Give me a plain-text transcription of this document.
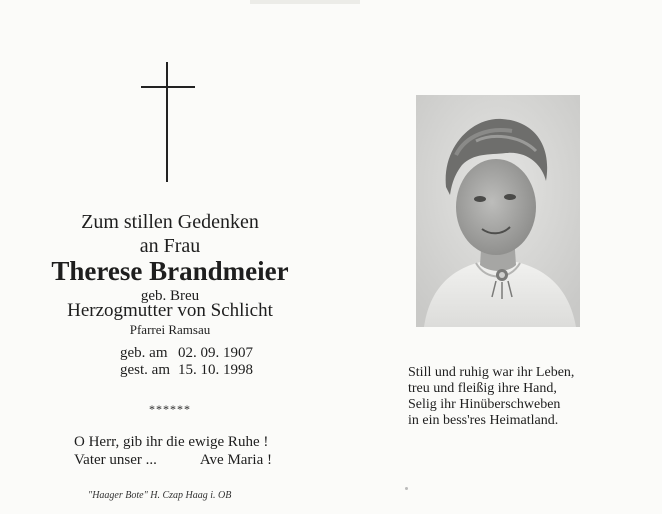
Zum stillen Gedenken
an Frau
Therese Brandmeier
geb. Breu
Herzogmutter von Schlicht
Pfarrei Ramsau
geb. am 02. 09. 1907
gest. am 15. 10. 1998
******
O Herr, gib ihr die ewige Ruhe !
Vater unser ...	Ave Maria !
"Haager Bote" H. Czap Haag i. OB
Still und ruhig war ihr Leben,
treu und fleißig ihre Hand,
Selig ihr Hinüberschweben
in ein bess'res Heimatland.
